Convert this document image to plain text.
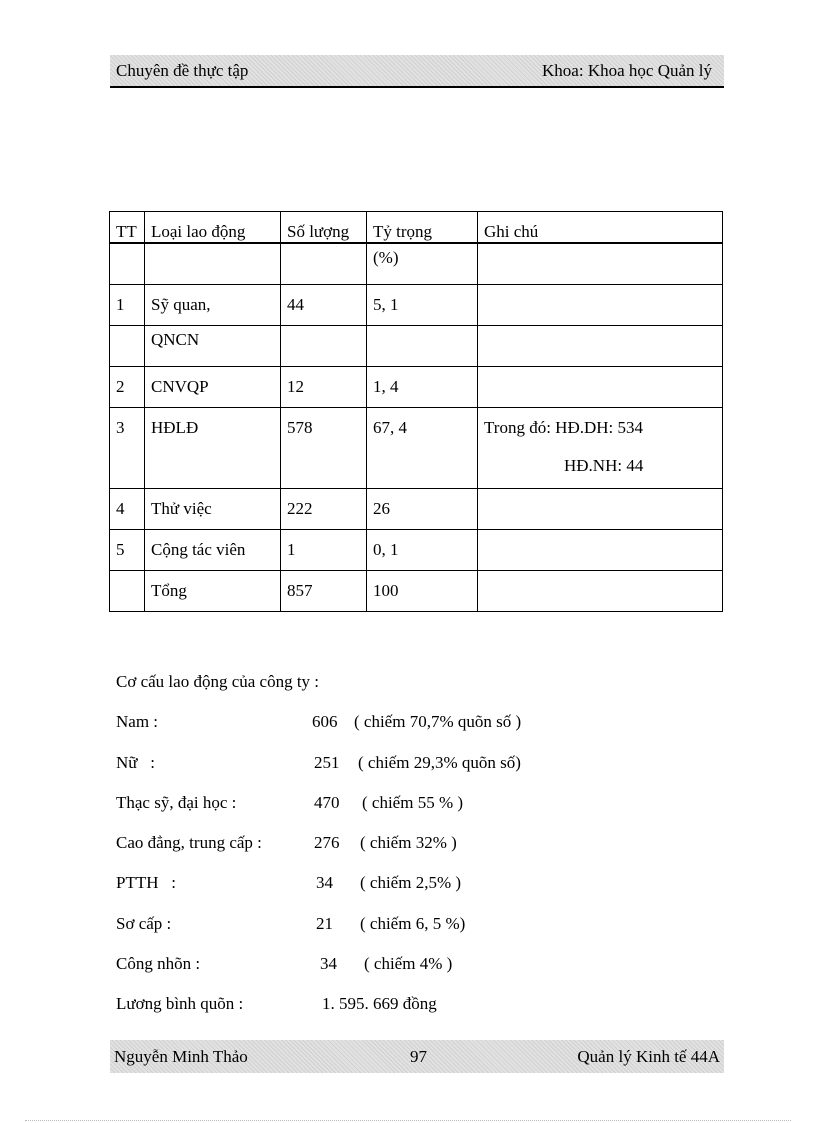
Chuyên đề thực tập	Khoa: Khoa học Quản lý
TT	Loại lao động	Số lượng	Tỷ trọng	Ghi chú
			(%)	
1	Sỹ quan,	44	5, 1	
	QNCN			
2	CNVQP	12	1, 4	
3	HĐLĐ	578	67, 4	Trong đó: HĐ.DH: 534
HĐ.NH: 44

4	Thử việc	222	26	
5	Cộng tác viên	1	0, 1	
	Tổng	857	100	
Cơ cấu lao động của công ty :
Nam :	606 ( chiếm 70,7% quõn số )
Nữ   :	251 ( chiếm 29,3% quõn số)
Thạc sỹ, đại học :	470 ( chiếm 55 % )
Cao đẳng, trung cấp :	276 ( chiếm 32% )
PTTH   :	34 ( chiếm 2,5% )
Sơ cấp :	21 ( chiếm 6, 5 %)
Công nhõn :	34 ( chiếm 4% )
Lương bình quõn :	1. 595. 669 đồng
Nguyễn Minh Thảo	97	Quản lý Kinh tế 44A
